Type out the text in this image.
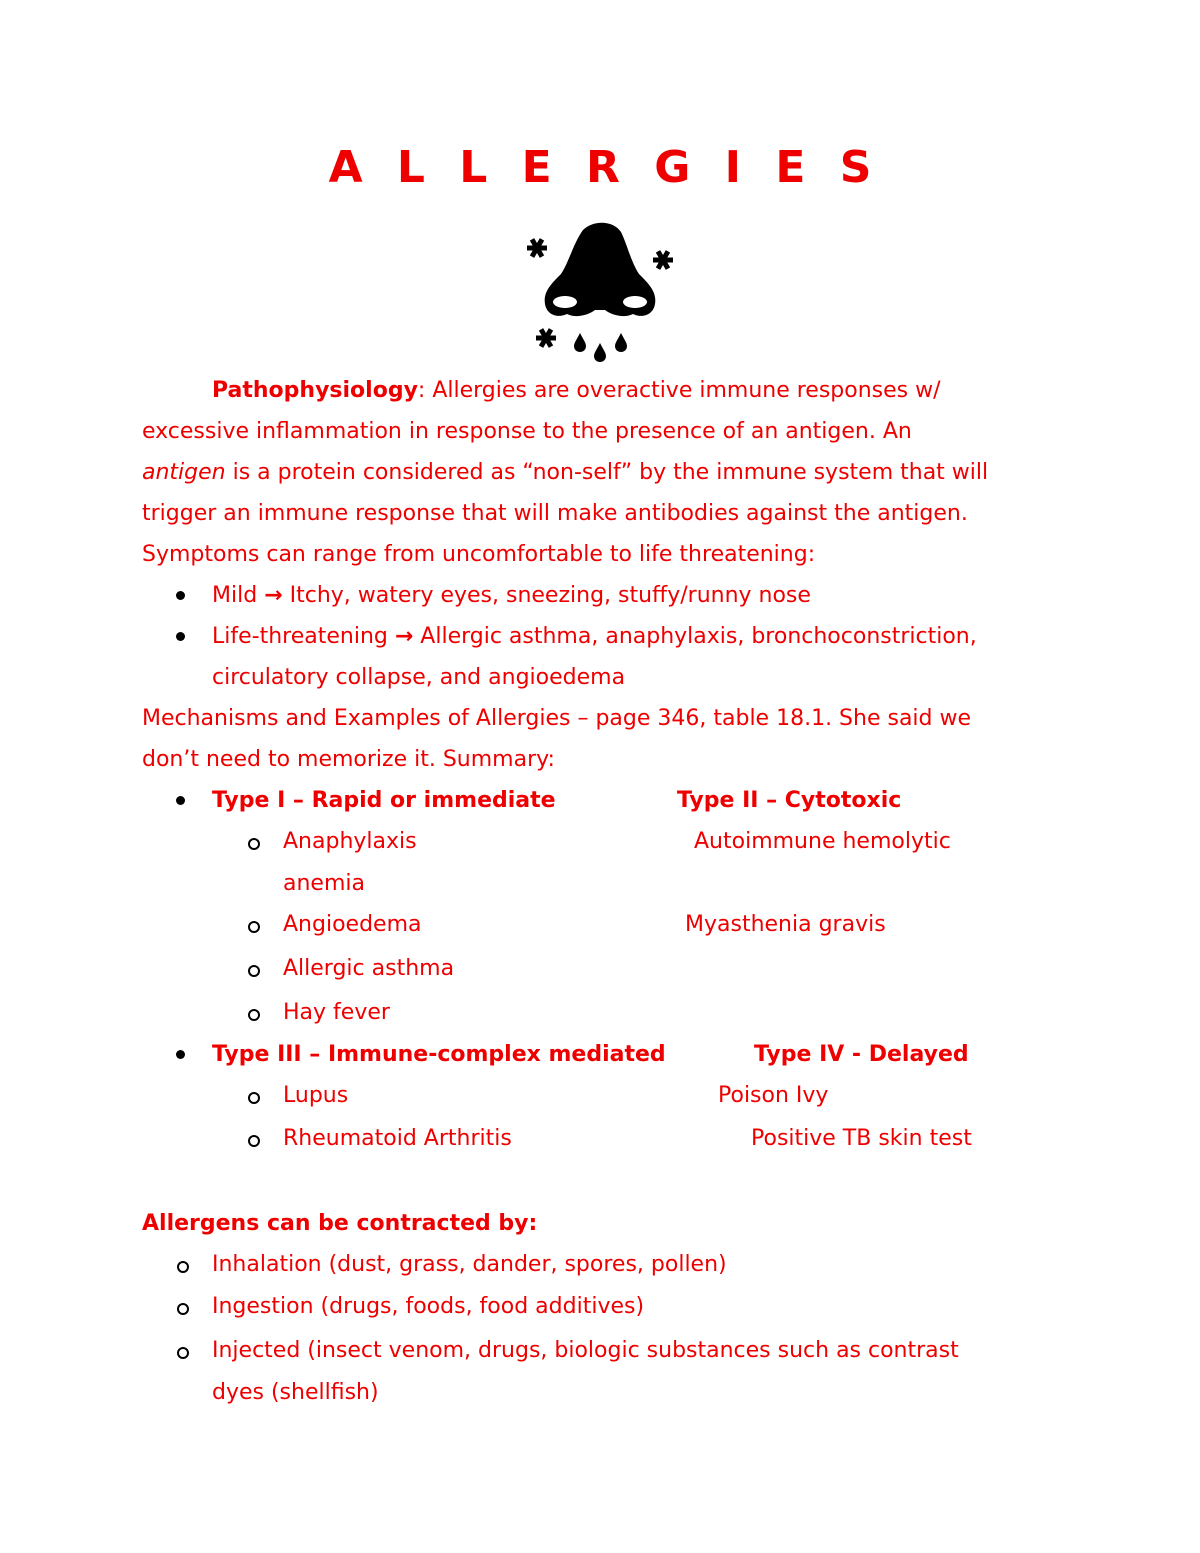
ALLERGIES
Pathophysiology: Allergies are overactive immune responses w/
excessive inflammation in response to the presence of an antigen. An
antigen is a protein considered as “non-self” by the immune system that will
trigger an immune response that will make antibodies against the antigen.
Symptoms can range from uncomfortable to life threatening:
Mild → Itchy, watery eyes, sneezing, stuffy/runny nose
Life-threatening → Allergic asthma, anaphylaxis, bronchoconstriction,
circulatory collapse, and angioedema
Mechanisms and Examples of Allergies – page 346, table 18.1. She said we
don’t need to memorize it. Summary:
Type I – Rapid or immediate	Type II – Cytotoxic
Anaphylaxis	Autoimmune hemolytic
anemia
Angioedema	Myasthenia gravis
Allergic asthma
Hay fever
Type III – Immune-complex mediated	Type IV - Delayed
Lupus	Poison Ivy
Rheumatoid Arthritis	Positive TB skin test
Allergens can be contracted by:
Inhalation (dust, grass, dander, spores, pollen)
Ingestion (drugs, foods, food additives)
Injected (insect venom, drugs, biologic substances such as contrast
dyes (shellfish)
